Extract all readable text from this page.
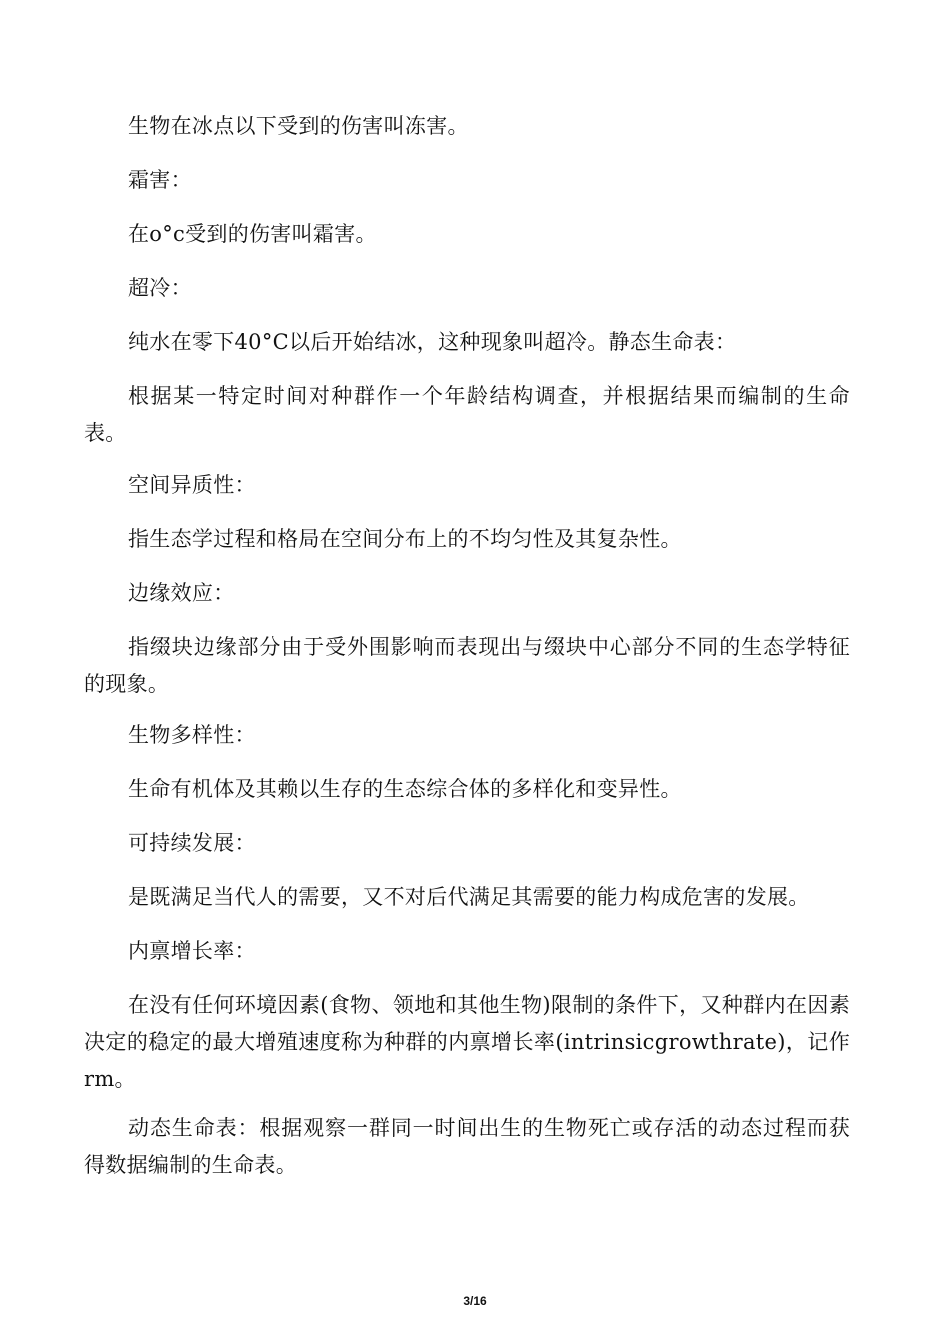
生物在冰点以下受到的伤害叫冻害。

霜害：

在o°c受到的伤害叫霜害。

超冷：

纯水在零下40°C以后开始结冰，这种现象叫超冷。静态生命表：

根据某一特定时间对种群作一个年龄结构调查，并根据结果而编制的生命表。

空间异质性：

指生态学过程和格局在空间分布上的不均匀性及其复杂性。

边缘效应：

指缀块边缘部分由于受外围影响而表现出与缀块中心部分不同的生态学特征的现象。

生物多样性：

生命有机体及其赖以生存的生态综合体的多样化和变异性。

可持续发展：

是既满足当代人的需要，又不对后代满足其需要的能力构成危害的发展。

内禀增长率：

在没有任何环境因素(食物、领地和其他生物)限制的条件下，又种群内在因素决定的稳定的最大增殖速度称为种群的内禀增长率(intrinsicgrowthrate)，记作rm。

动态生命表：根据观察一群同一时间出生的生物死亡或存活的动态过程而获得数据编制的生命表。

3/16
